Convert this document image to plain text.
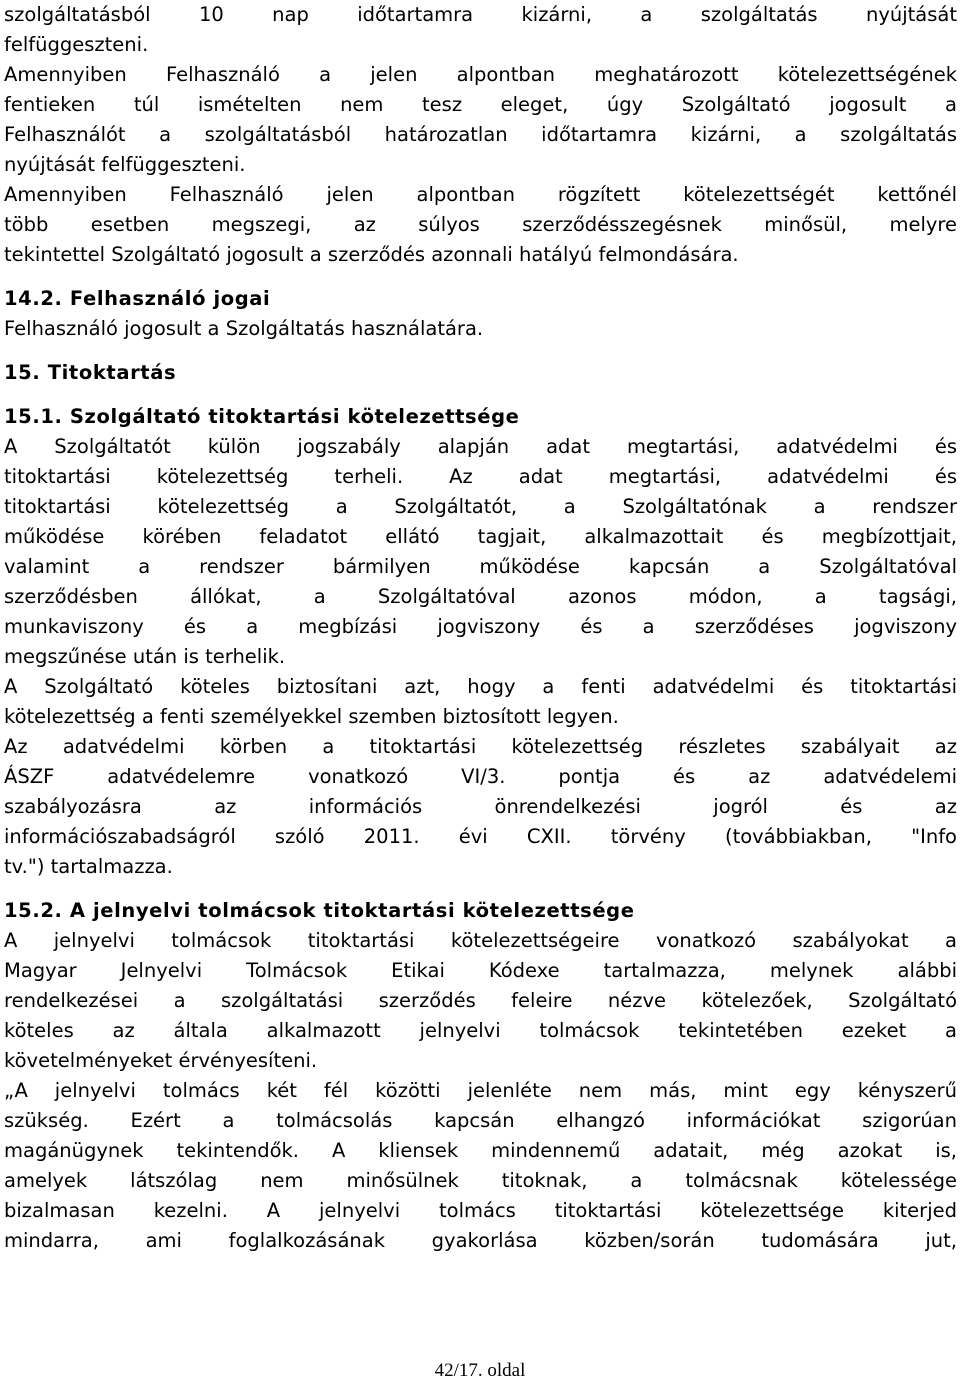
szolgáltatásból 10 nap időtartamra kizárni, a szolgáltatás nyújtását
felfüggeszteni.
Amennyiben Felhasználó a jelen alpontban meghatározott kötelezettségének
fentieken túl ismételten nem tesz eleget, úgy Szolgáltató jogosult a
Felhasználót a szolgáltatásból határozatlan időtartamra kizárni, a szolgáltatás
nyújtását felfüggeszteni.
Amennyiben Felhasználó jelen alpontban rögzített kötelezettségét kettőnél
több esetben megszegi, az súlyos szerződésszegésnek minősül, melyre
tekintettel Szolgáltató jogosult a szerződés azonnali hatályú felmondására.
14.2. Felhasználó jogai
Felhasználó jogosult a Szolgáltatás használatára.
15. Titoktartás
15.1. Szolgáltató titoktartási kötelezettsége
A Szolgáltatót külön jogszabály alapján adat megtartási, adatvédelmi és
titoktartási kötelezettség terheli. Az adat megtartási, adatvédelmi és
titoktartási kötelezettség a Szolgáltatót, a Szolgáltatónak a rendszer
működése körében feladatot ellátó tagjait, alkalmazottait és megbízottjait,
valamint a rendszer bármilyen működése kapcsán a Szolgáltatóval
szerződésben állókat, a Szolgáltatóval azonos módon, a tagsági,
munkaviszony és a megbízási jogviszony és a szerződéses jogviszony
megszűnése után is terhelik.
A Szolgáltató köteles biztosítani azt, hogy a fenti adatvédelmi és titoktartási
kötelezettség a fenti személyekkel szemben biztosított legyen.
Az adatvédelmi körben a titoktartási kötelezettség részletes szabályait az
ÁSZF adatvédelemre vonatkozó VI/3. pontja és az adatvédelemi
szabályozásra az információs önrendelkezési jogról és az
információszabadságról szóló 2011. évi CXII. törvény (továbbiakban, "Info
tv.") tartalmazza.
15.2. A jelnyelvi tolmácsok titoktartási kötelezettsége
A jelnyelvi tolmácsok titoktartási kötelezettségeire vonatkozó szabályokat a
Magyar Jelnyelvi Tolmácsok Etikai Kódexe tartalmazza, melynek alábbi
rendelkezései a szolgáltatási szerződés feleire nézve kötelezőek, Szolgáltató
köteles az általa alkalmazott jelnyelvi tolmácsok tekintetében ezeket a
követelményeket érvényesíteni.
„A jelnyelvi tolmács két fél közötti jelenléte nem más, mint egy kényszerű
szükség. Ezért a tolmácsolás kapcsán elhangzó információkat szigorúan
magánügynek tekintendők. A kliensek mindennemű adatait, még azokat is,
amelyek látszólag nem minősülnek titoknak, a tolmácsnak kötelessége
bizalmasan kezelni. A jelnyelvi tolmács titoktartási kötelezettsége kiterjed
mindarra, ami foglalkozásának gyakorlása közben/során tudomására jut,
42/17. oldal
